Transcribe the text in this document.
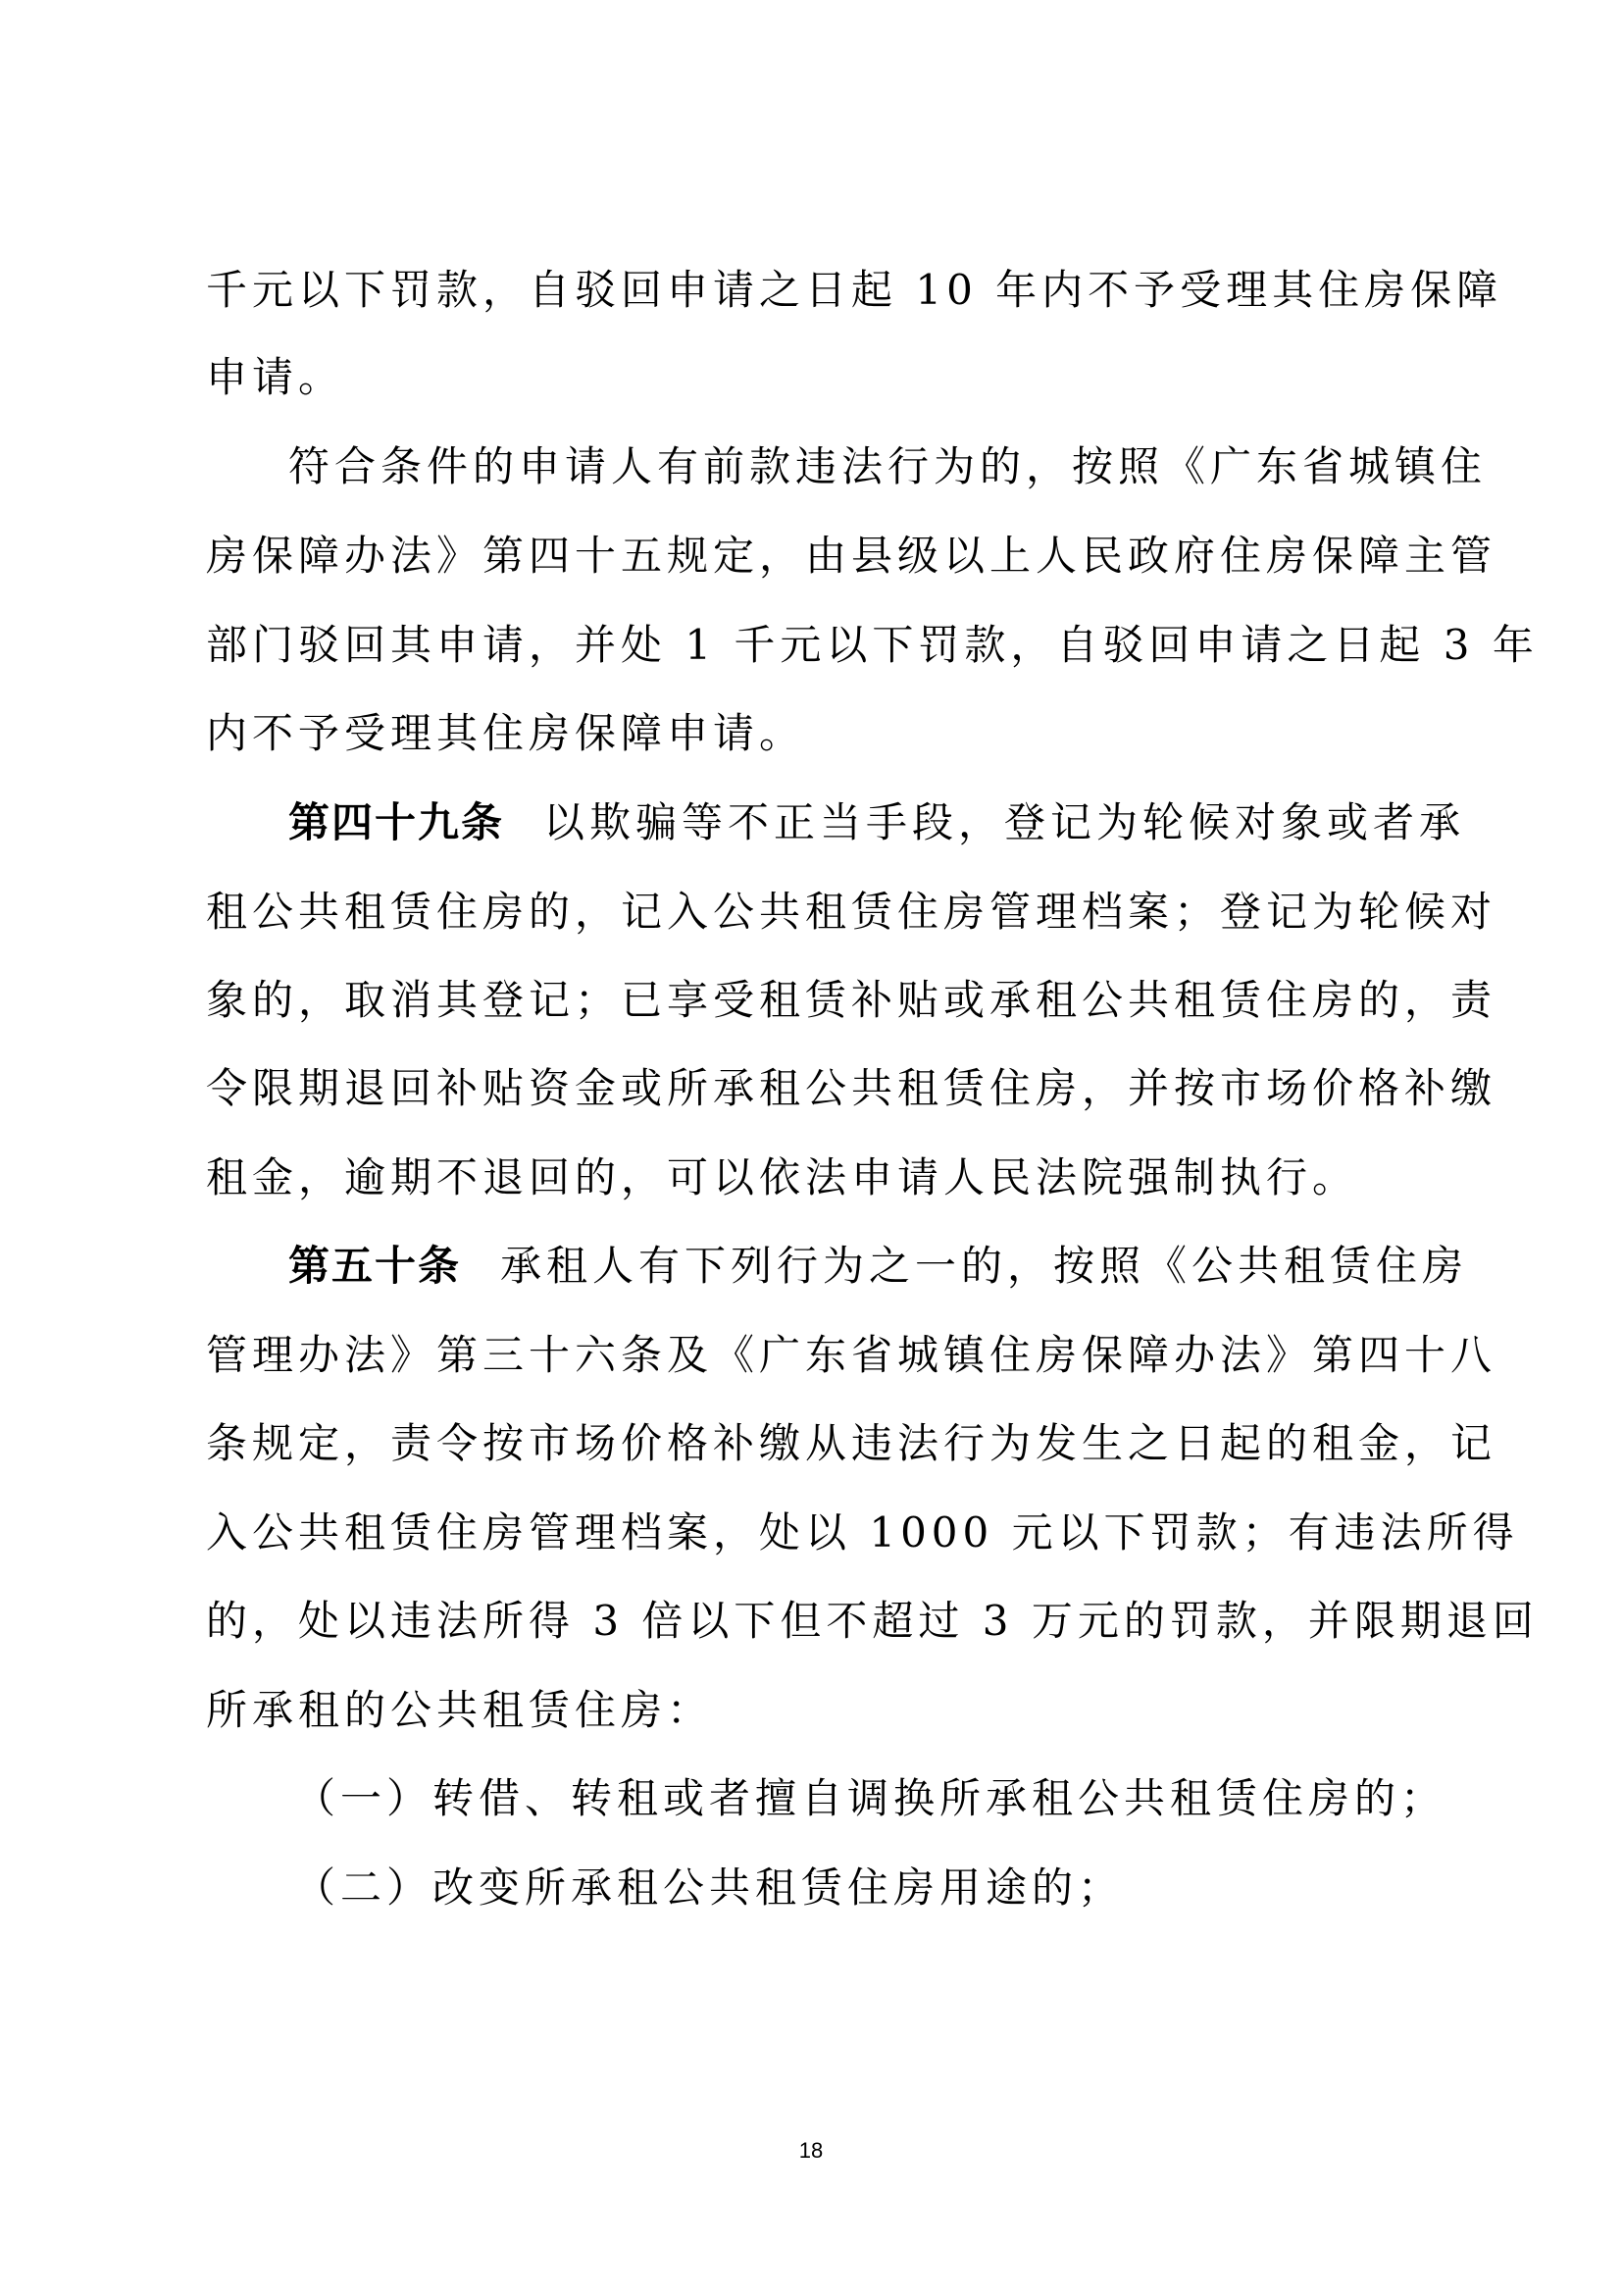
千元以下罚款，自驳回申请之日起 10 年内不予受理其住房保障
申请。
符合条件的申请人有前款违法行为的，按照《广东省城镇住
房保障办法》第四十五规定，由县级以上人民政府住房保障主管
部门驳回其申请，并处 1 千元以下罚款，自驳回申请之日起 3 年
内不予受理其住房保障申请。
第四十九条 以欺骗等不正当手段，登记为轮候对象或者承
租公共租赁住房的，记入公共租赁住房管理档案；登记为轮候对
象的，取消其登记；已享受租赁补贴或承租公共租赁住房的，责
令限期退回补贴资金或所承租公共租赁住房，并按市场价格补缴
租金，逾期不退回的，可以依法申请人民法院强制执行。
第五十条 承租人有下列行为之一的，按照《公共租赁住房
管理办法》第三十六条及《广东省城镇住房保障办法》第四十八
条规定，责令按市场价格补缴从违法行为发生之日起的租金，记
入公共租赁住房管理档案，处以 1000 元以下罚款；有违法所得
的，处以违法所得 3 倍以下但不超过 3 万元的罚款，并限期退回
所承租的公共租赁住房：
（一）转借、转租或者擅自调换所承租公共租赁住房的；
（二）改变所承租公共租赁住房用途的；
18
